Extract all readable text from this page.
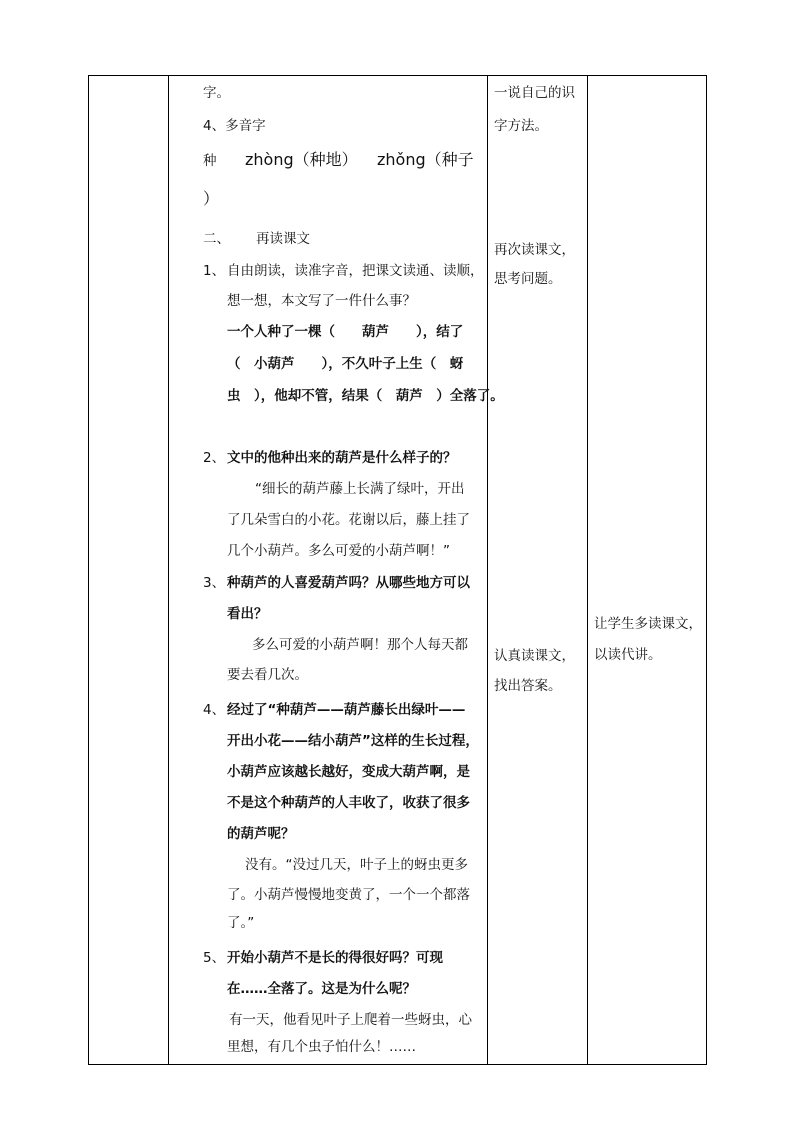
字。
4、多音字
种 zhòng（种地） zhǒng（种子
）
二、 再读课文
1、 自由朗读，读准字音，把课文读通、读顺，
想一想，本文写了一件什么事？
一个人种了一棵（　　葫芦　　），结了
（　小葫芦　　），不久叶子上生（　蚜
虫　），他却不管，结果（　葫芦　）全落了。
2、 文中的他种出来的葫芦是什么样子的？
“细长的葫芦藤上长满了绿叶，开出
了几朵雪白的小花。花谢以后，藤上挂了
几个小葫芦。多么可爱的小葫芦啊！”
3、 种葫芦的人喜爱葫芦吗？从哪些地方可以
看出？
多么可爱的小葫芦啊！那个人每天都
要去看几次。
4、 经过了“种葫芦——葫芦藤长出绿叶——
开出小花——结小葫芦”这样的生长过程，
小葫芦应该越长越好，变成大葫芦啊，是
不是这个种葫芦的人丰收了，收获了很多
的葫芦呢？
没有。“没过几天，叶子上的蚜虫更多
了。小葫芦慢慢地变黄了，一个一个都落
了。”
5、 开始小葫芦不是长的得很好吗？可现
在……全落了。这是为什么呢？
有一天，他看见叶子上爬着一些蚜虫，心
里想，有几个虫子怕什么！……
一说自己的识
字方法。
再次读课文，
思考问题。
认真读课文，
找出答案。
让学生多读课文，
以读代讲。
